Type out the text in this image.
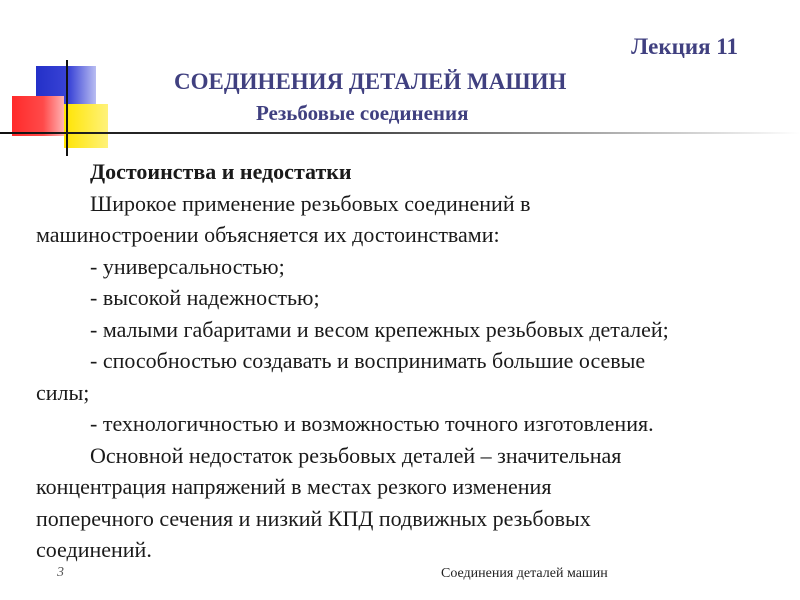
Лекция 11
СОЕДИНЕНИЯ ДЕТАЛЕЙ МАШИН
Резьбовые соединения
Достоинства и недостатки
Широкое применение резьбовых соединений в
машиностроении объясняется их достоинствами:
- универсальностью;
- высокой надежностью;
- малыми габаритами и весом крепежных резьбовых деталей;
- способностью создавать и воспринимать большие осевые
силы;
- технологичностью и возможностью точного изготовления.
Основной недостаток резьбовых деталей – значительная
концентрация напряжений в местах резкого изменения
поперечного сечения и низкий КПД подвижных резьбовых
соединений.
3	Соединения деталей машин
